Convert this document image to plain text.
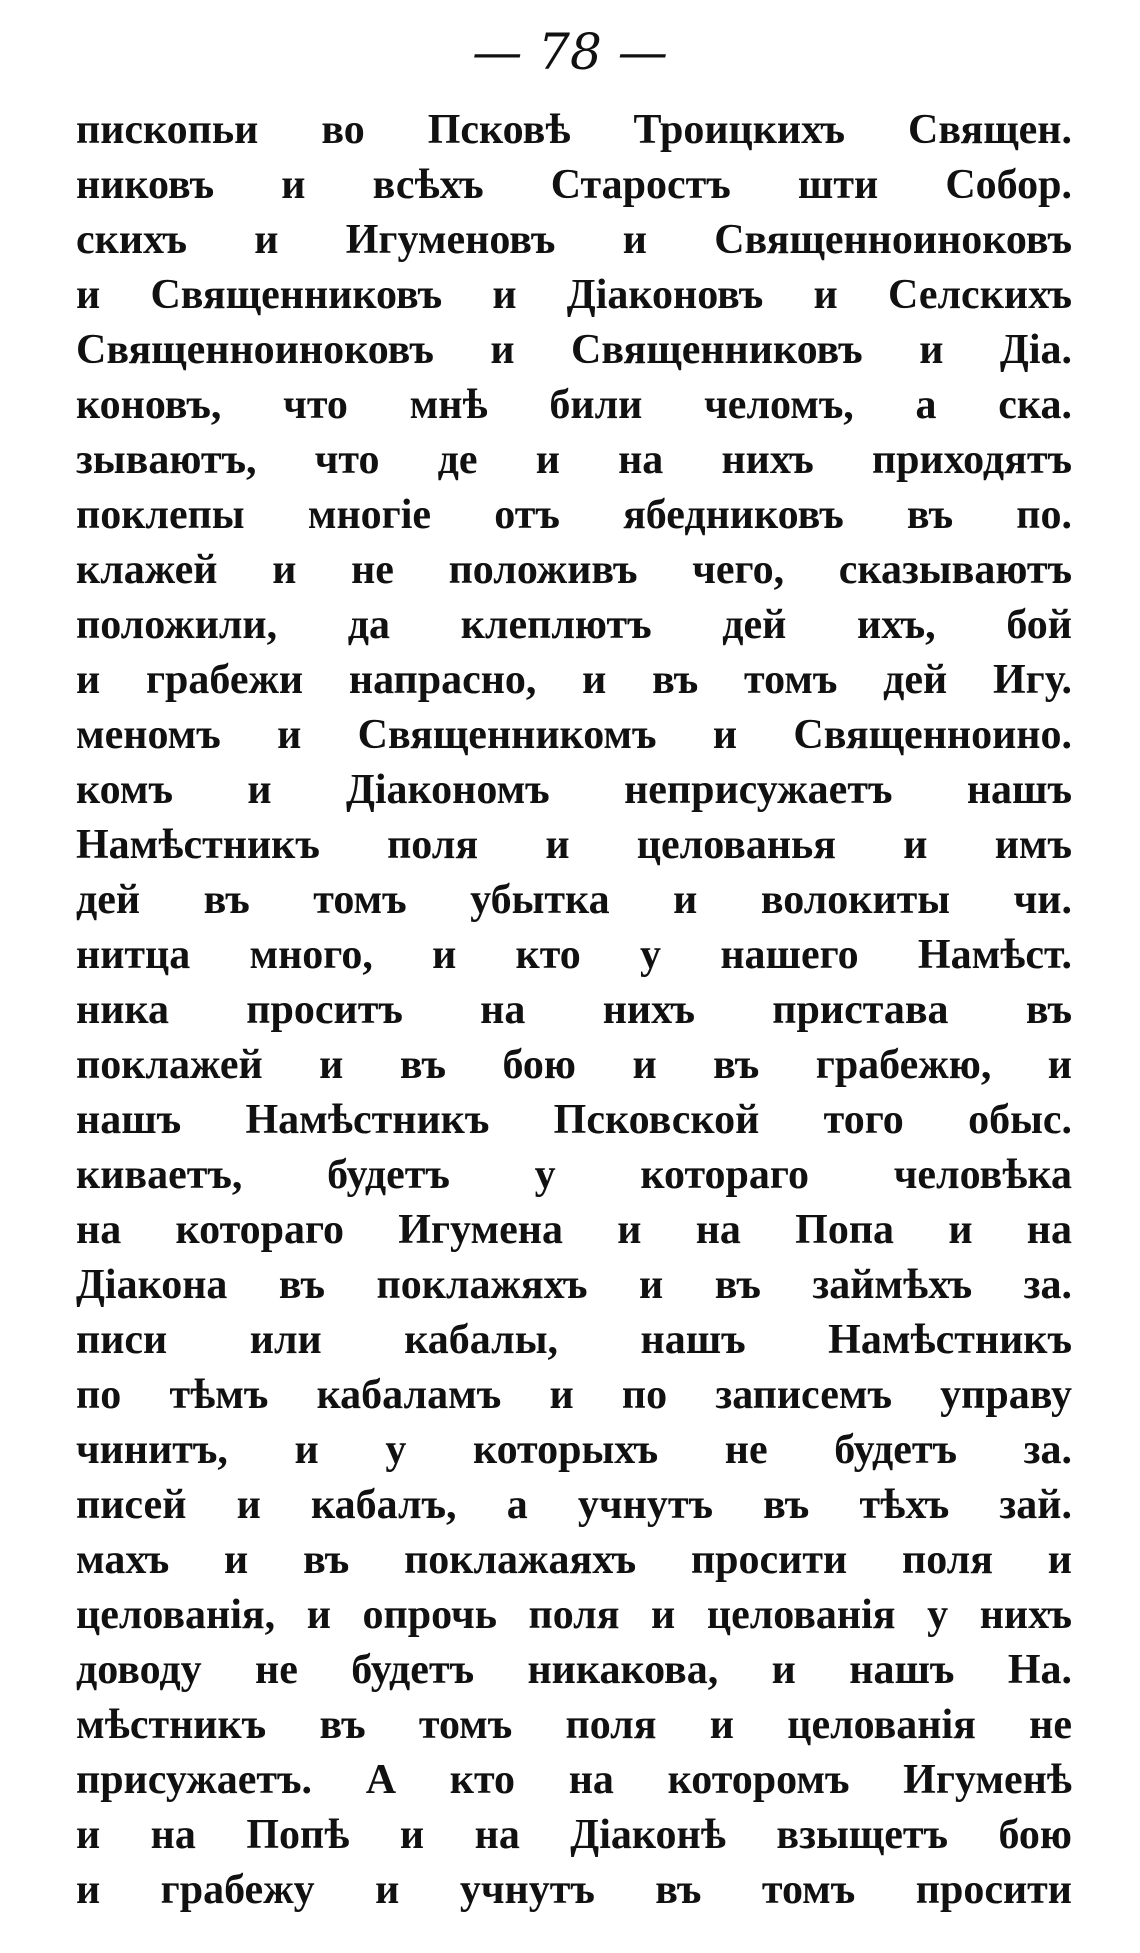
— 78 —
пископьи во Псковѣ Троицкихъ Священ.
никовъ и всѣхъ Старостъ шти Собор.
скихъ и Игуменовъ и Священноиноковъ
и Священниковъ и Діаконовъ и Селскихъ
Священноиноковъ и Священниковъ и Діа.
коновъ, что мнѣ били челомъ, а ска.
зываютъ, что де и на нихъ приходятъ
поклепы многіе отъ ябедниковъ въ по.
клажей и не положивъ чего, сказываютъ
положили, да клеплютъ дей ихъ, бой
и грабежи напрасно, и въ томъ дей Игу.
меномъ и Священникомъ и Священноино.
комъ и Діакономъ неприсужаетъ нашъ
Намѣстникъ поля и целованья и имъ
дей въ томъ убытка и волокиты чи.
нитца много, и кто у нашего Намѣст.
ника проситъ на нихъ пристава въ
поклажей и въ бою и въ грабежю, и
нашъ Намѣстникъ Псковской того обыс.
киваетъ, будетъ у котораго человѣка
на котораго Игумена и на Попа и на
Діакона въ поклажяхъ и въ займѣхъ за.
писи или кабалы, нашъ Намѣстникъ
по тѣмъ кабаламъ и по записемъ управу
чинитъ, и у которыхъ не будетъ за.
писей и кабалъ, а учнутъ въ тѣхъ зай.
махъ и въ поклажаяхъ просити поля и
целованія, и опрочь поля и целованія у нихъ
доводу не будетъ никакова, и нашъ На.
мѣстникъ въ томъ поля и целованія не
присужаетъ. А кто на которомъ Игуменѣ
и на Попѣ и на Діаконѣ взыщетъ бою
и грабежу и учнутъ въ томъ просити
